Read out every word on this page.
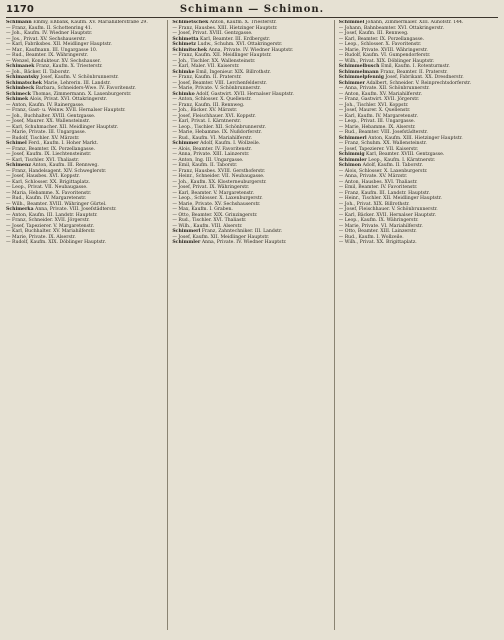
1170	Schimann — Schimon.
Schimann Emmy, Eßbank, Kaufm. XV. Mariahilferstraße 29.
— Franz, Kaufm. II. Schottenring 41.
— Joh., Kaufm. IV. Wiedner Hauptstr.
— Jos., Privat. XV. Sechshauserstr.
— Karl, Fabriksbes. XII. Meidlinger Hauptstr.
— Mar., Kaufmann. III. Ungargasse 10.
— Rud., Beamter. IX. Währingerstr.
— Wenzel, Kondukteur. XV. Sechshauser.
Schimanek Franz, Kaufm. X. Triesterstr.
— Joh., Bäcker. II. Taborstr.
Schimantsky Josef, Kaufm. V. Schönbrunnerstr.
Schimatschek Marie, Lehrerin. III. Landstr.
Schimbeck Barbara, Schneiders-Wwe. IV. Favoritenstr.
Schimeck Thomas, Zimmermann. X. Laxenburgerstr.
Schimek Alois, Privat. XVI. Ottakringerstr.
— Anton, Kaufm. IV. Rainergasse.
— Franz, Gast- u. Weinw. XVII. Hernalser Hauptstr.
— Joh., Buchhalter. XVIII. Gentzgasse.
— Josef, Maurer. XX. Wallensteinstr.
— Karl, Schuhmacher. XII. Meidlinger Hauptstr.
— Marie, Private. III. Ungargasse.
— Rudolf, Tischler. XV. Märzstr.
Schimel Ferd., Kaufm. I. Hoher Markt.
— Franz, Beamter. IX. Porzellangasse.
— Josef, Kaufm. IX. Liechtensteinstr.
— Karl, Tischler. XVI. Thaliastr.
Schimenz Anton, Kaufm. III. Rennweg.
— Franz, Handelsagent. XIV. Schweglerstr.
— Josef, Hausbes. XVI. Koppstr.
— Karl, Schlosser. XX. Brigittaplatz.
— Leop., Privat. VII. Neubaugasse.
— Maria, Hebamme. X. Favoritenstr.
— Rud., Kaufm. IV. Margaretenstr.
— Wilh., Beamter. XVIII. Währinger Gürtel.
Schimerka Anna, Private. VIII. Josefstädterstr.
— Anton, Kaufm. III. Landstr. Hauptstr.
— Franz, Schneider. XVII. Jörgerstr.
— Josef, Tapezierer. V. Margaretenstr.
— Karl, Buchhalter. XV. Mariahilferstr.
— Marie, Private. IX. Alserstr.
— Rudolf, Kaufm. XIX. Döblinger Hauptstr.
Schimetschek Anton, Kaufm. X. Triesterstr.
— Franz, Hausbes. XIII. Hietzinger Hauptstr.
— Josef, Privat. XVIII. Gentzgasse.
Schimetta Karl, Beamter. III. Erdbergstr.
Schimetz Ludw., Schuhm. XVI. Ottakringerstr.
Schimitschek Anna, Private. IV. Wiedner Hauptstr.
— Franz, Kaufm. XII. Meidlinger Hauptstr.
— Joh., Tischler. XX. Wallensteinstr.
— Karl, Maler. VII. Kaiserstr.
Schimke Emil, Ingenieur. XIX. Billrothstr.
— Franz, Kaufm. II. Praterstr.
— Josef, Beamter. VIII. Lerchenfelderstr.
— Marie, Private. V. Schönbrunnerstr.
Schimko Adolf, Gastwirt. XVII. Hernalser Hauptstr.
— Anton, Schlosser. X. Quellenstr.
— Franz, Kaufm. III. Rennweg.
— Joh., Bäcker. XV. Märzstr.
— Josef, Fleischhauer. XVI. Koppstr.
— Karl, Privat. I. Kärntnerstr.
— Leop., Tischler. XII. Schönbrunnerstr.
— Marie, Hebamme. IX. Nußdorferstr.
— Rud., Kaufm. VI. Mariahilferstr.
Schimmer Adolf, Kaufm. I. Wollzeile.
— Alois, Beamter. IV. Favoritenstr.
— Anna, Private. XIII. Lainzerstr.
— Anton, Ing. III. Ungargasse.
— Emil, Kaufm. II. Taborstr.
— Franz, Hausbes. XVIII. Gersthoferstr.
— Heinr., Schneider. VII. Neubaugasse.
— Joh., Kaufm. XX. Klosterneuburgerstr.
— Josef, Privat. IX. Währingerstr.
— Karl, Beamter. V. Margaretenstr.
— Leop., Schlosser. X. Laxenburgerstr.
— Marie, Private. XV. Sechshauserstr.
— Max, Kaufm. I. Graben.
— Otto, Beamter. XIX. Grinzingerstr.
— Rud., Tischler. XVI. Thaliastr.
— Wilh., Kaufm. VIII. Alserstr.
Schimmerl Franz, Zahntechniker. III. Landstr.
— Josef, Kaufm. XII. Meidlinger Hauptstr.
Schimmler Anna, Private. IV. Wiedner Hauptstr.
Schimmel Johann, Zimmermaler. XIII. Auhofstr. 144.
— Johann, Bahnbeamter. XVI. Ottakringerstr.
— Josef, Kaufm. III. Rennweg.
— Karl, Beamter. IX. Porzellangasse.
— Leop., Schlosser. X. Favoritenstr.
— Marie, Private. XVIII. Währingerstr.
— Rudolf, Kaufm. VI. Gumpendorferstr.
— Wilh., Privat. XIX. Döblinger Hauptstr.
Schimmelbusch Emil, Kaufm. I. Rotenturmstr.
Schimmelmann Franz, Beamter. II. Praterstr.
Schimmelpfennig Josef, Fabrikant. XX. Dresdnerstr.
Schimmer Adalbert, Schneider. V. Reinprechtsdorferstr.
— Anna, Private. XII. Schönbrunnerstr.
— Anton, Kaufm. XV. Mariahilferstr.
— Franz, Gastwirt. XVII. Jörgerstr.
— Joh., Tischler. XVI. Koppstr.
— Josef, Maurer. X. Quellenstr.
— Karl, Kaufm. IV. Margaretenstr.
— Leop., Privat. III. Ungargasse.
— Marie, Hebamme. IX. Alserstr.
— Rud., Beamter. VIII. Josefstädterstr.
Schimmerl Anton, Kaufm. XIII. Hietzinger Hauptstr.
— Franz, Schuhm. XX. Wallensteinstr.
— Josef, Tapezierer. VII. Kaiserstr.
Schimmig Karl, Beamter. XVIII. Gentzgasse.
Schimmler Leop., Kaufm. I. Kärntnerstr.
Schimon Adolf, Kaufm. II. Taborstr.
— Alois, Schlosser. X. Laxenburgerstr.
— Anna, Private. XV. Märzstr.
— Anton, Hausbes. XVI. Thaliastr.
— Emil, Beamter. IV. Favoritenstr.
— Franz, Kaufm. III. Landstr. Hauptstr.
— Heinr., Tischler. XII. Meidlinger Hauptstr.
— Joh., Privat. XIX. Billrothstr.
— Josef, Fleischhauer. V. Schönbrunnerstr.
— Karl, Bäcker. XVII. Hernalser Hauptstr.
— Leop., Kaufm. IX. Währingerstr.
— Marie, Private. VI. Mariahilferstr.
— Otto, Beamter. XIII. Lainzerstr.
— Rud., Kaufm. I. Wollzeile.
— Wilh., Privat. XX. Brigittaplatz.
